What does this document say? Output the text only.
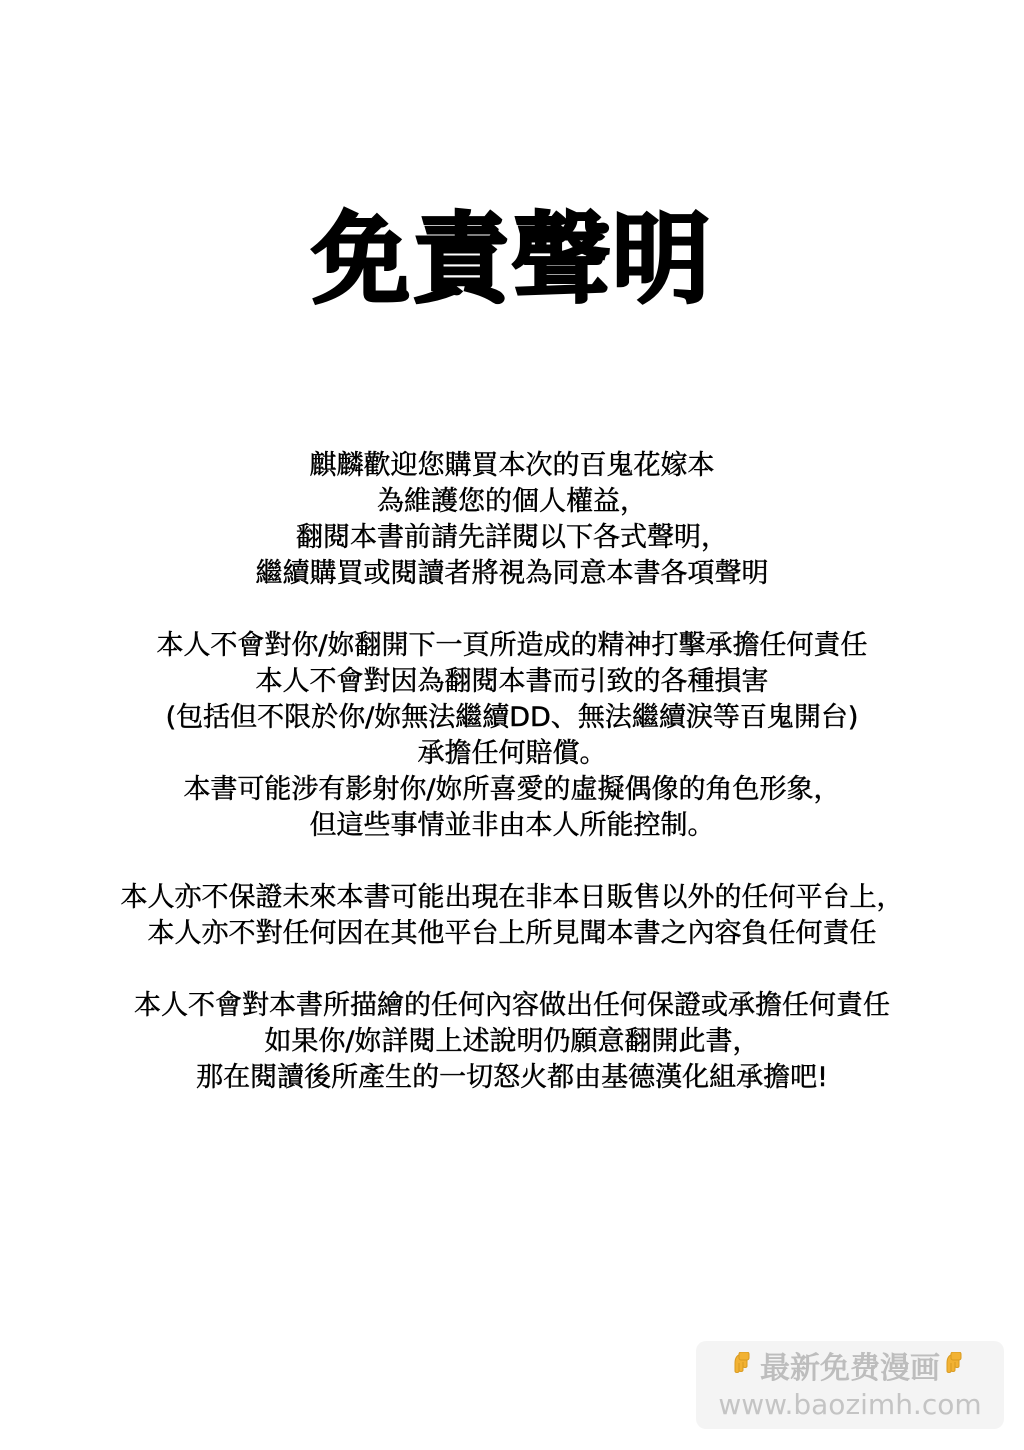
免責聲明
麒麟歡迎您購買本次的百鬼花嫁本
為維護您的個人權益，
翻閱本書前請先詳閱以下各式聲明，
繼續購買或閱讀者將視為同意本書各項聲明
本人不會對你/妳翻開下一頁所造成的精神打擊承擔任何責任
本人不會對因為翻閱本書而引致的各種損害
(包括但不限於你/妳無法繼續DD、無法繼續淚等百鬼開台)
承擔任何賠償。
本書可能涉有影射你/妳所喜愛的虛擬偶像的角色形象，
但這些事情並非由本人所能控制。
本人亦不保證未來本書可能出現在非本日販售以外的任何平台上，
本人亦不對任何因在其他平台上所見聞本書之內容負任何責任
本人不會對本書所描繪的任何內容做出任何保證或承擔任何責任
如果你/妳詳閱上述說明仍願意翻開此書，
那在閱讀後所產生的一切怒火都由基德漢化組承擔吧!
最新免费漫画
www.baozimh.com
